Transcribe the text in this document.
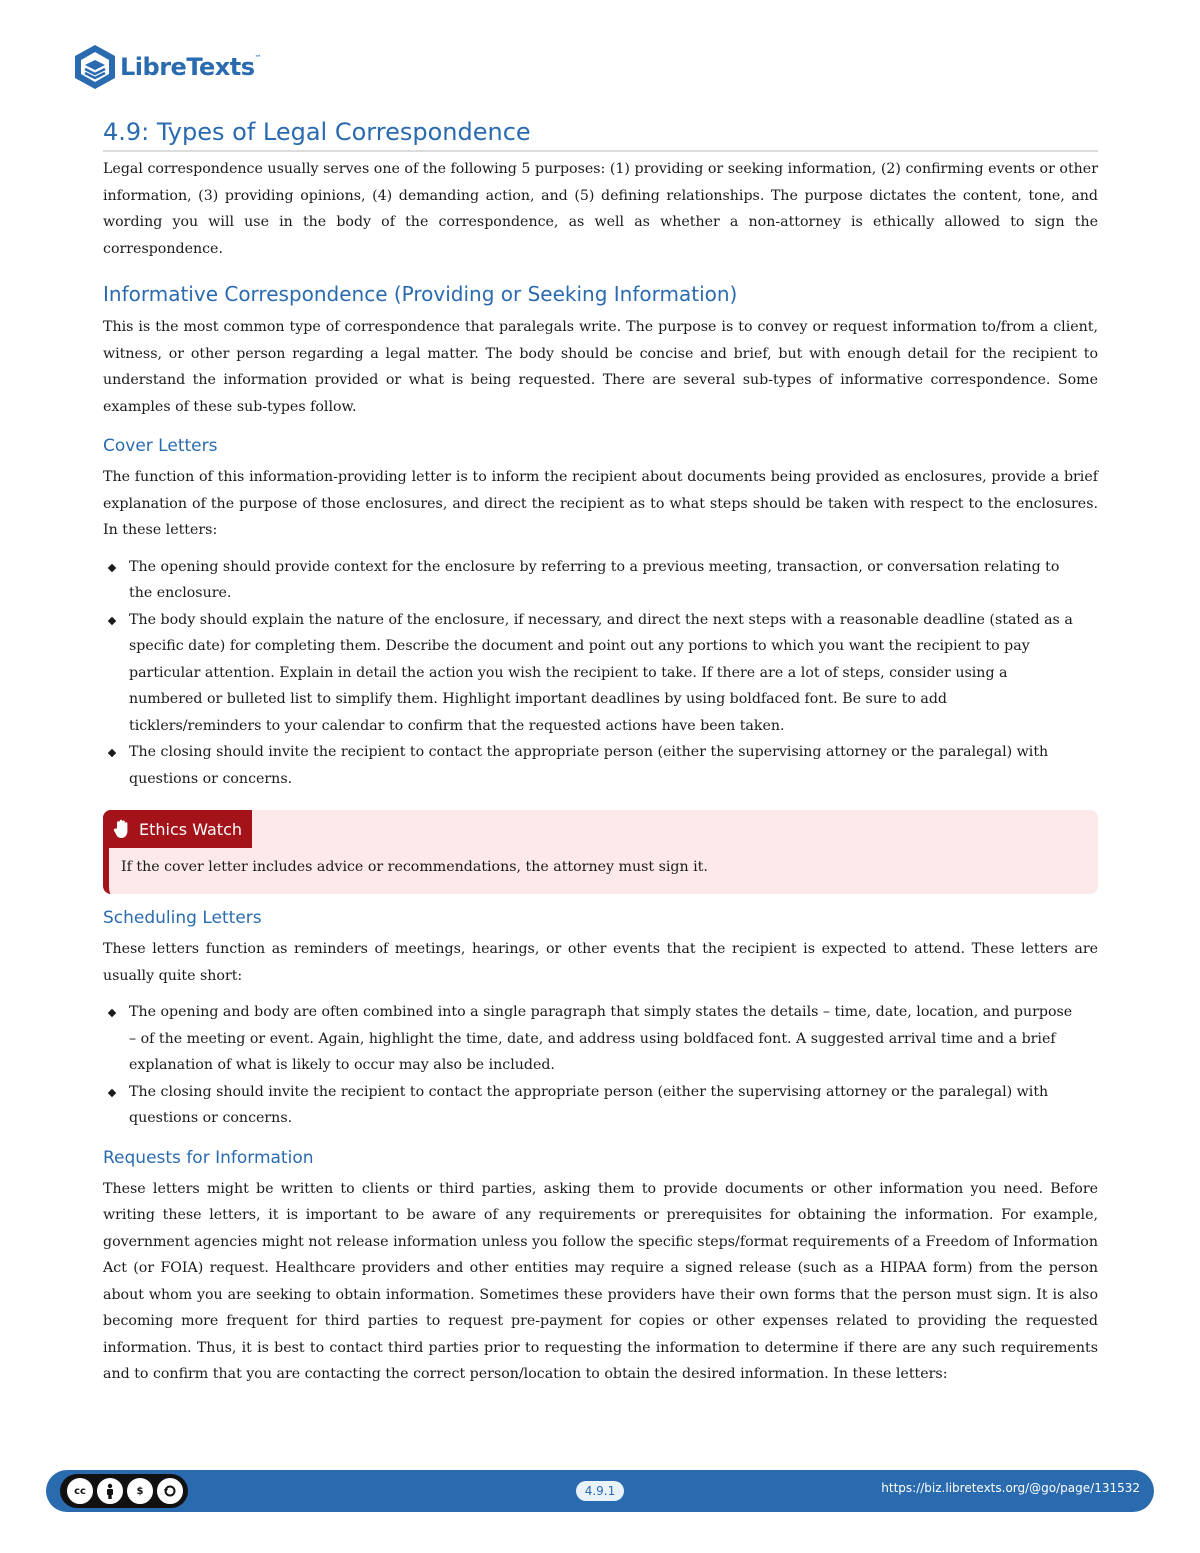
LibreTexts ™
4.9: Types of Legal Correspondence

Legal correspondence usually serves one of the following 5 purposes: (1) providing or seeking information, (2) confirming events or other information, (3) providing opinions, (4) demanding action, and (5) defining relationships. The purpose dictates the content, tone, and wording you will use in the body of the correspondence, as well as whether a non-attorney is ethically allowed to sign the correspondence.

Informative Correspondence (Providing or Seeking Information)

This is the most common type of correspondence that paralegals write. The purpose is to convey or request information to/from a client, witness, or other person regarding a legal matter. The body should be concise and brief, but with enough detail for the recipient to understand the information provided or what is being requested. There are several sub-types of informative correspondence. Some examples of these sub-types follow.

Cover Letters

The function of this information-providing letter is to inform the recipient about documents being provided as enclosures, provide a brief explanation of the purpose of those enclosures, and direct the recipient as to what steps should be taken with respect to the enclosures. In these letters:

The opening should provide context for the enclosure by referring to a previous meeting, transaction, or conversation relating to the enclosure.
The body should explain the nature of the enclosure, if necessary, and direct the next steps with a reasonable deadline (stated as a specific date) for completing them. Describe the document and point out any portions to which you want the recipient to pay particular attention. Explain in detail the action you wish the recipient to take. If there are a lot of steps, consider using a numbered or bulleted list to simplify them. Highlight important deadlines by using boldfaced font. Be sure to add ticklers/reminders to your calendar to confirm that the requested actions have been taken.
The closing should invite the recipient to contact the appropriate person (either the supervising attorney or the paralegal) with questions or concerns.
Ethics Watch
If the cover letter includes advice or recommendations, the attorney must sign it.
Scheduling Letters

These letters function as reminders of meetings, hearings, or other events that the recipient is expected to attend. These letters are usually quite short:

The opening and body are often combined into a single paragraph that simply states the details – time, date, location, and purpose – of the meeting or event. Again, highlight the time, date, and address using boldfaced font. A suggested arrival time and a brief explanation of what is likely to occur may also be included.
The closing should invite the recipient to contact the appropriate person (either the supervising attorney or the paralegal) with questions or concerns.
Requests for Information

These letters might be written to clients or third parties, asking them to provide documents or other information you need. Before writing these letters, it is important to be aware of any requirements or prerequisites for obtaining the information. For example, government agencies might not release information unless you follow the specific steps/format requirements of a Freedom of Information Act (or FOIA) request. Healthcare providers and other entities may require a signed release (such as a HIPAA form) from the person about whom you are seeking to obtain information. Sometimes these providers have their own forms that the person must sign. It is also becoming more frequent for third parties to request pre-payment for copies or other expenses related to providing the requested information. Thus, it is best to contact third parties prior to requesting the information to determine if there are any such requirements and to confirm that you are contacting the correct person/location to obtain the desired information. In these letters:

cc	$	4.9.1	https://biz.libretexts.org/@go/page/131532
